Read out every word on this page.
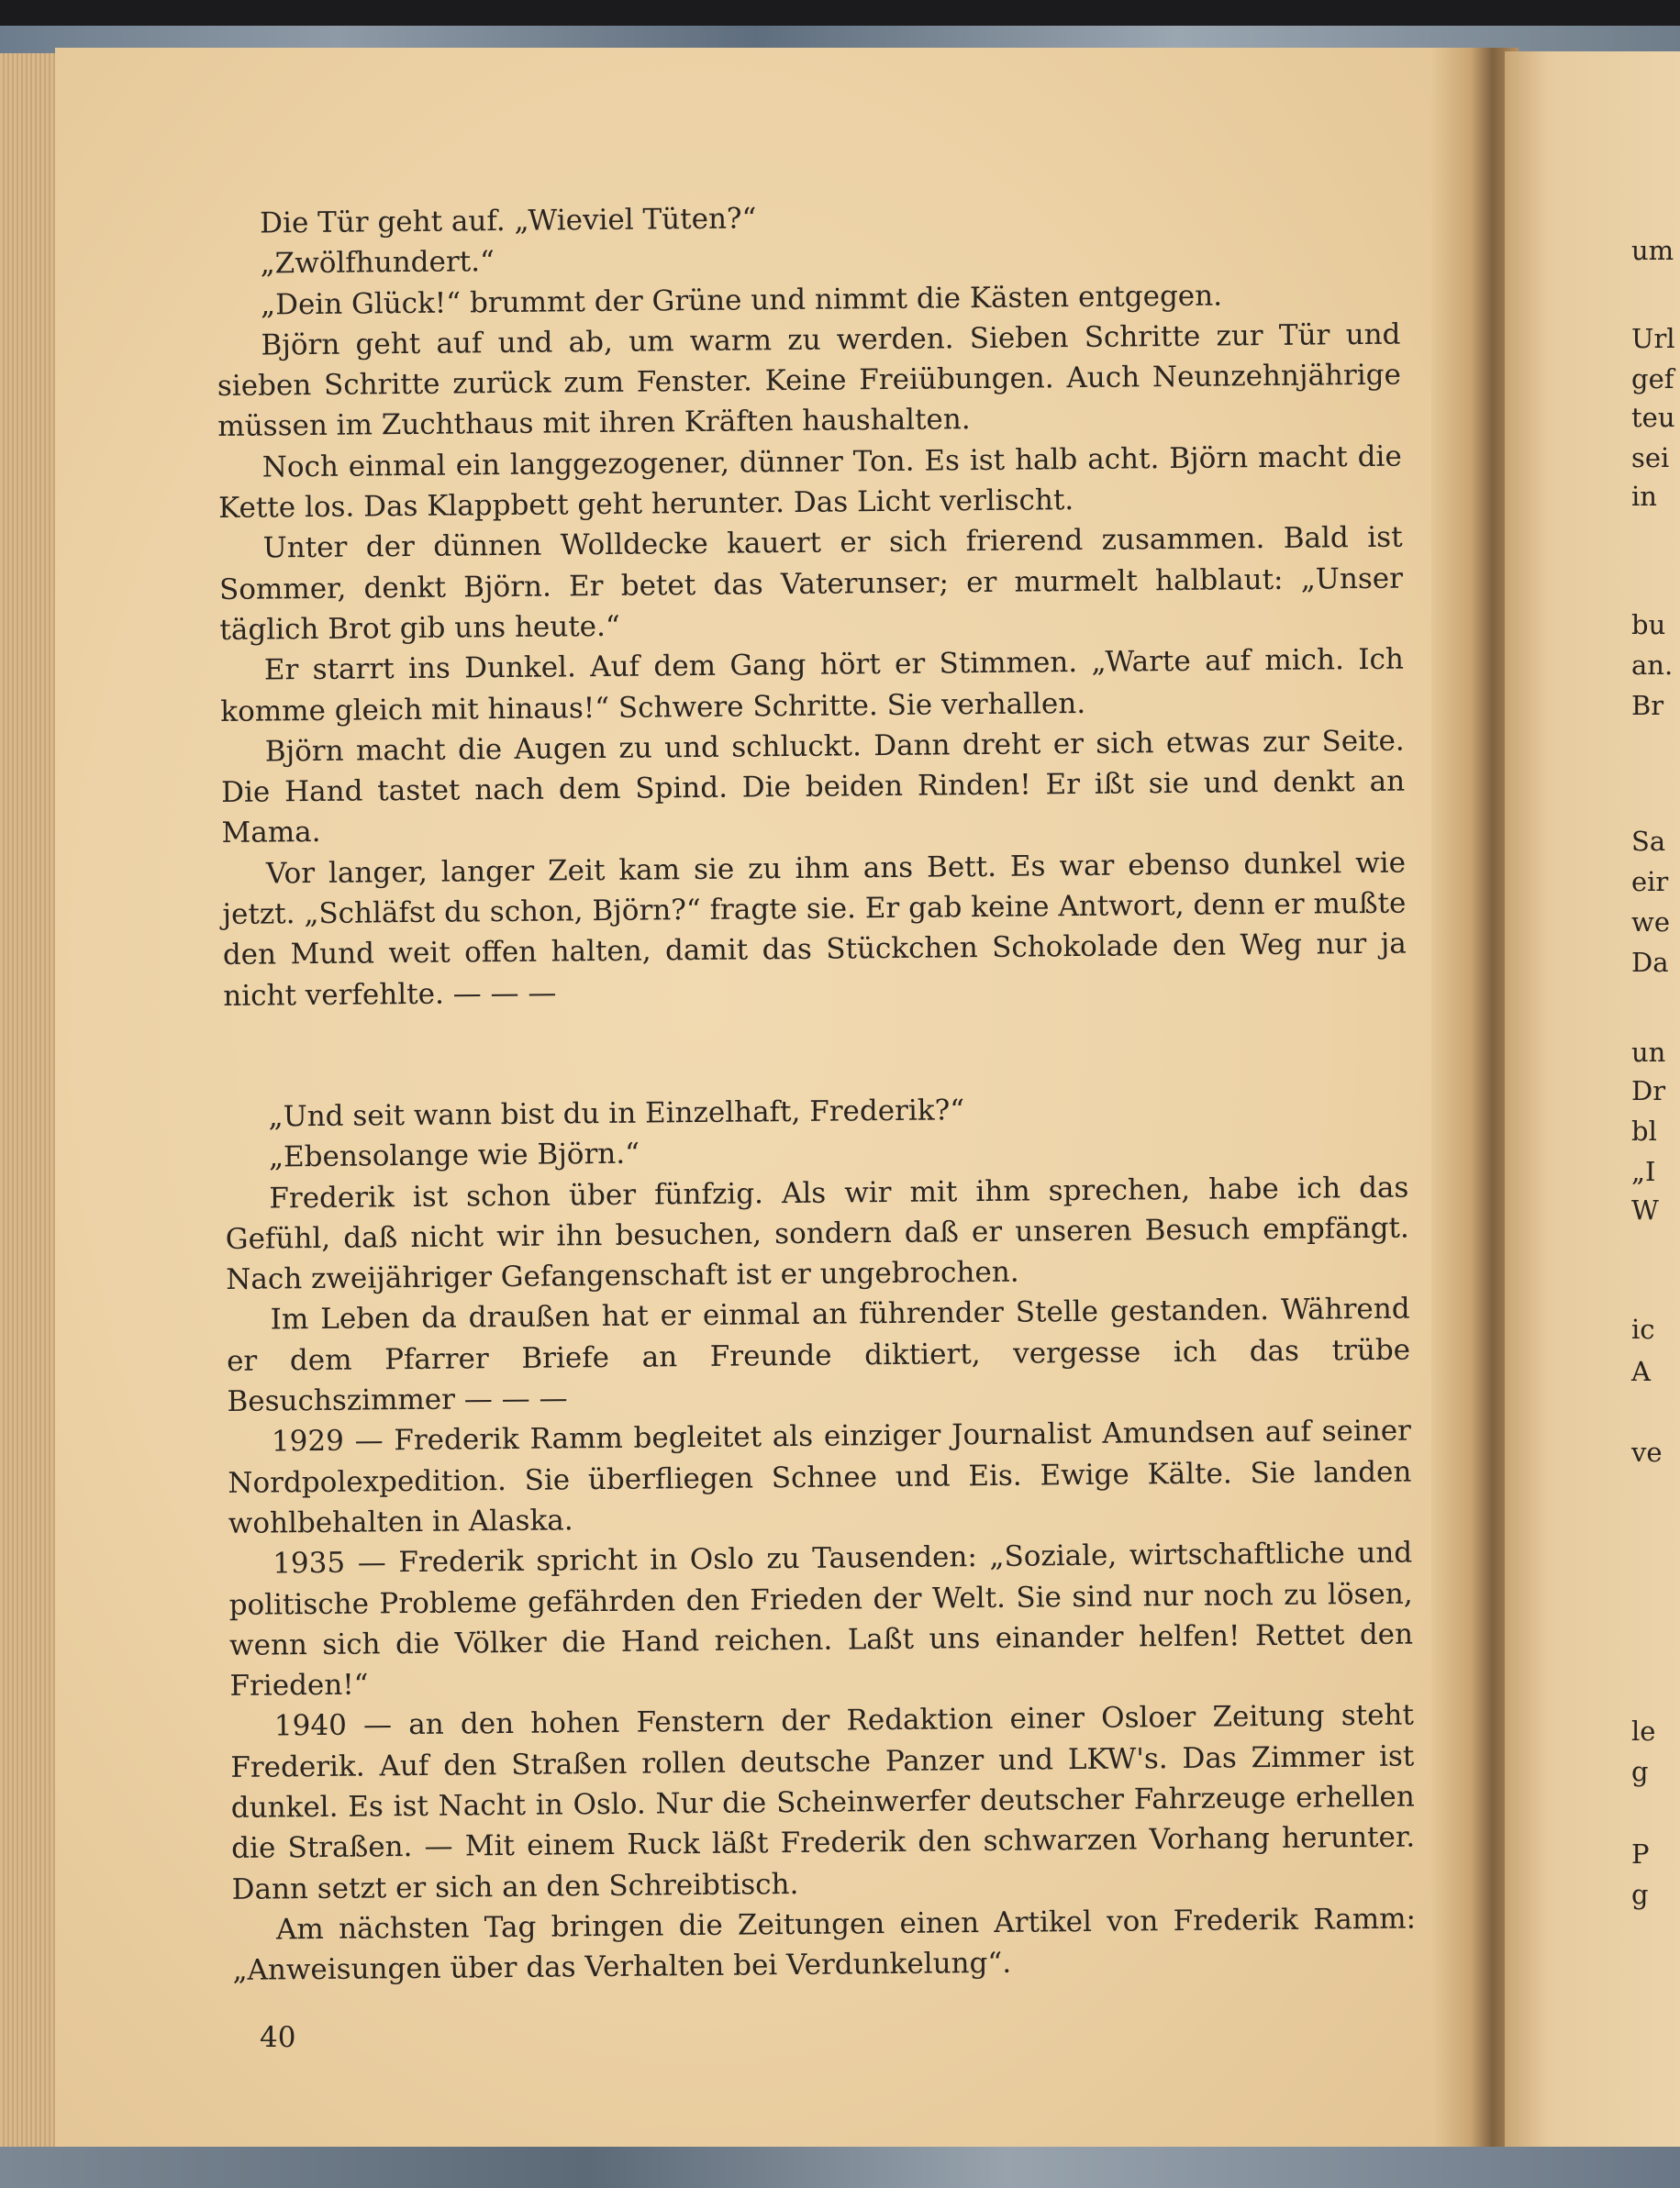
Die Tür geht auf. „Wieviel Tüten?“

„Zwölfhundert.“

„Dein Glück!“ brummt der Grüne und nimmt die Kästen entgegen.

Björn geht auf und ab, um warm zu werden. Sieben Schritte zur Tür und sieben Schritte zurück zum Fenster. Keine Freiübungen. Auch Neunzehnjährige müssen im Zuchthaus mit ihren Kräften haushalten.

Noch einmal ein langgezogener, dünner Ton. Es ist halb acht. Björn macht die Kette los. Das Klappbett geht herunter. Das Licht verlischt.

Unter der dünnen Wolldecke kauert er sich frierend zusammen. Bald ist Sommer, denkt Björn. Er betet das Vaterunser; er murmelt halblaut: „Unser täglich Brot gib uns heute.“

Er starrt ins Dunkel. Auf dem Gang hört er Stimmen. „Warte auf mich. Ich komme gleich mit hinaus!“ Schwere Schritte. Sie verhallen.

Björn macht die Augen zu und schluckt. Dann dreht er sich etwas zur Seite. Die Hand tastet nach dem Spind. Die beiden Rinden! Er ißt sie und denkt an Mama.

Vor langer, langer Zeit kam sie zu ihm ans Bett. Es war ebenso dunkel wie jetzt. „Schläfst du schon, Björn?“ fragte sie. Er gab keine Antwort, denn er mußte den Mund weit offen halten, damit das Stückchen Schokolade den Weg nur ja nicht verfehlte. — — —

„Und seit wann bist du in Einzelhaft, Frederik?“

„Ebensolange wie Björn.“

Frederik ist schon über fünfzig. Als wir mit ihm sprechen, habe ich das Gefühl, daß nicht wir ihn besuchen, sondern daß er unseren Besuch empfängt. Nach zweijähriger Gefangenschaft ist er ungebrochen.

Im Leben da draußen hat er einmal an führender Stelle gestanden. Während er dem Pfarrer Briefe an Freunde diktiert, vergesse ich das trübe Besuchszimmer — — —

1929 — Frederik Ramm begleitet als einziger Journalist Amundsen auf seiner Nordpolexpedition. Sie überfliegen Schnee und Eis. Ewige Kälte. Sie landen wohlbehalten in Alaska.

1935 — Frederik spricht in Oslo zu Tausenden: „Soziale, wirtschaftliche und politische Probleme gefährden den Frieden der Welt. Sie sind nur noch zu lösen, wenn sich die Völker die Hand reichen. Laßt uns einander helfen! Rettet den Frieden!“

1940 — an den hohen Fenstern der Redaktion einer Osloer Zeitung steht Frederik. Auf den Straßen rollen deutsche Panzer und LKW's. Das Zimmer ist dunkel. Es ist Nacht in Oslo. Nur die Scheinwerfer deutscher Fahrzeuge erhellen die Straßen. — Mit einem Ruck läßt Frederik den schwarzen Vorhang herunter. Dann setzt er sich an den Schreibtisch.

Am nächsten Tag bringen die Zeitungen einen Artikel von Frederik Ramm: „Anweisungen über das Verhalten bei Verdunkelung“.

40
um
Url
gef
teu
sei
in
bu
an.
Br
Sa
eir
we
Da
un
Dr
bl
„I
W
ic
A
ve
le
g
P
g
